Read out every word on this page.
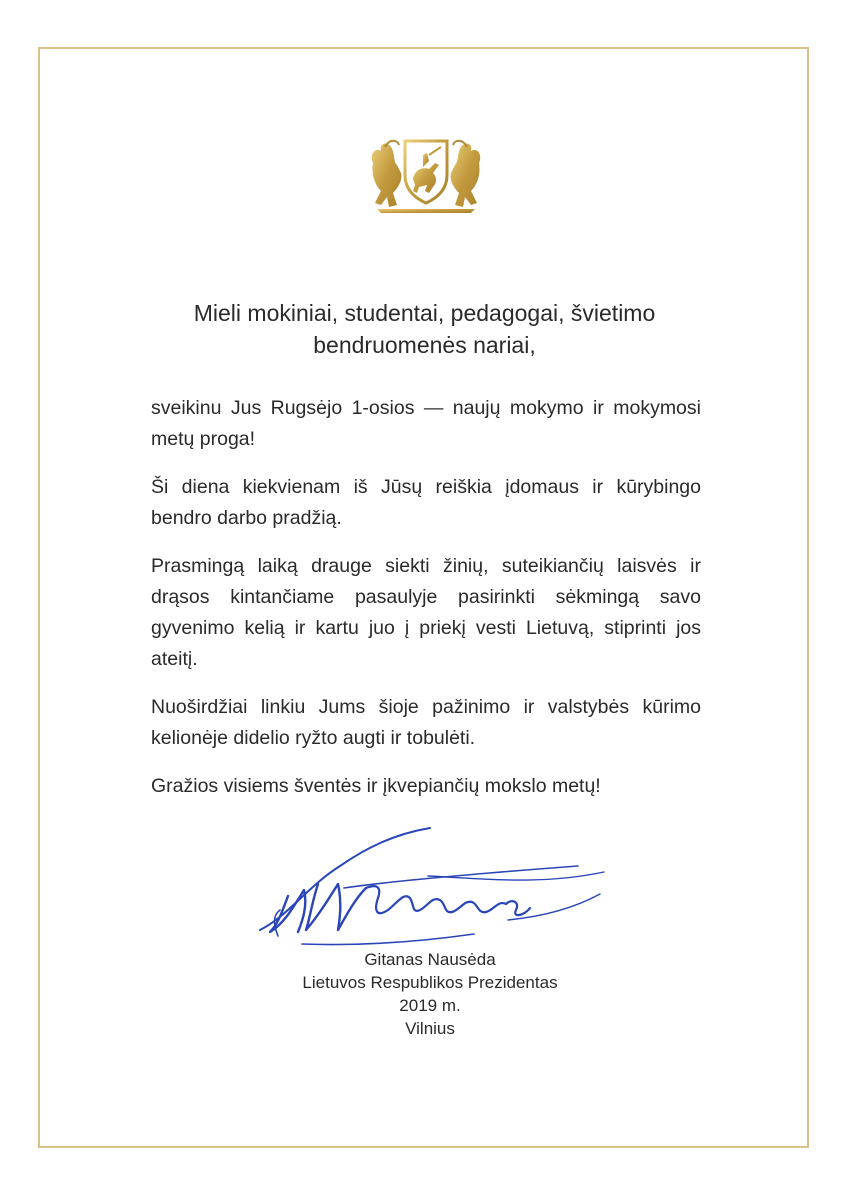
Mieli mokiniai, studentai, pedagogai, švietimo bendruomenės nariai,

sveikinu Jus Rugsėjo 1-osios — naujų mokymo ir mokymosi metų proga!

Ši diena kiekvienam iš Jūsų reiškia įdomaus ir kūrybingo bendro darbo pradžią.

Prasmingą laiką drauge siekti žinių, suteikiančių laisvės ir drąsos kintančiame pasaulyje pasirinkti sėkmingą savo gyvenimo kelią ir kartu juo į priekį vesti Lietuvą, stiprinti jos ateitį.

Nuoširdžiai linkiu Jums šioje pažinimo ir valstybės kūrimo kelionėje didelio ryžto augti ir tobulėti.

Gražios visiems šventės ir įkvepiančių mokslo metų!

Gitanas Nausėda
Lietuvos Respublikos Prezidentas
2019 m.
Vilnius
